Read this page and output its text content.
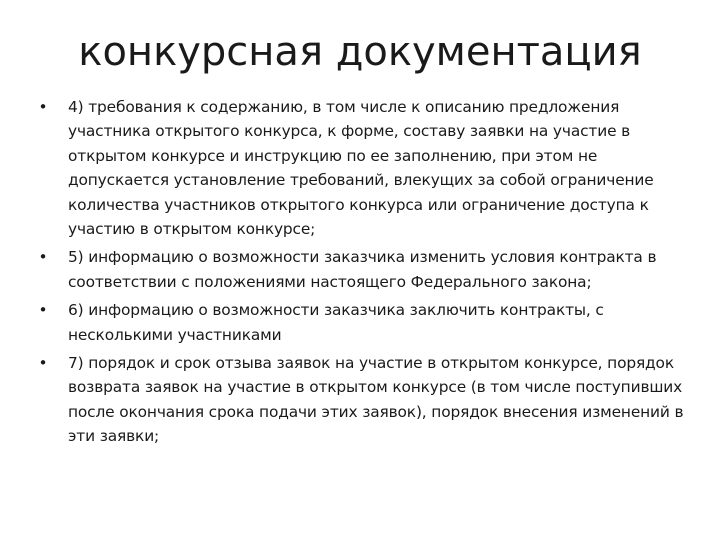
конкурсная документация
• 4) требования к содержанию, в том числе к описанию предложения участника открытого конкурса, к форме, составу заявки на участие в открытом конкурсе и инструкцию по ее заполнению, при этом не допускается установление требований, влекущих за собой ограничение количества участников открытого конкурса или ограничение доступа к участию в открытом конкурсе;
• 5) информацию о возможности заказчика изменить условия контракта в соответствии с положениями настоящего Федерального закона;
• 6) информацию о возможности заказчика заключить контракты, с несколькими участниками
• 7) порядок и срок отзыва заявок на участие в открытом конкурсе, порядок возврата заявок на участие в открытом конкурсе (в том числе поступивших после окончания срока подачи этих заявок), порядок внесения изменений в эти заявки;
